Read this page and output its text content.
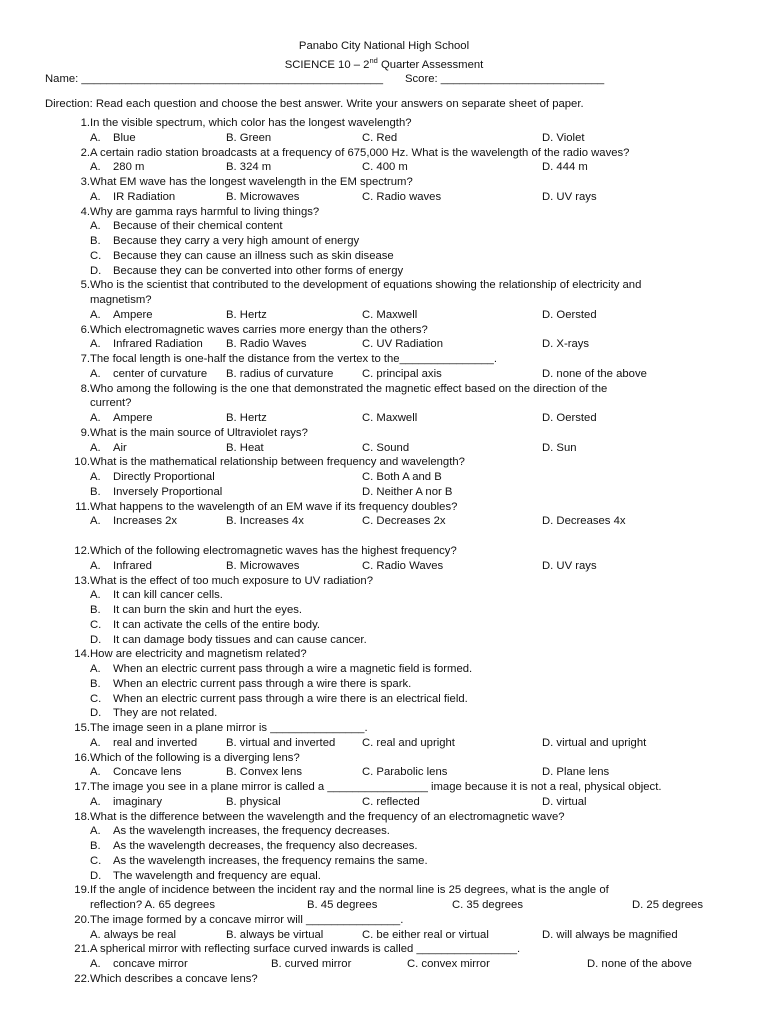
Panabo City National High School
SCIENCE 10 – 2nd Quarter Assessment
Name: ________________________________________________ Score: __________________________
Direction: Read each question and choose the best answer. Write your answers on separate sheet of paper.
1. In the visible spectrum, which color has the longest wavelength?
A. Blue	B. Green	C. Red	D. Violet
2. A certain radio station broadcasts at a frequency of 675,000 Hz. What is the wavelength of the radio waves?
A. 280 m	B. 324 m	C. 400 m	D. 444 m
3. What EM wave has the longest wavelength in the EM spectrum?
A. IR Radiation	B. Microwaves	C. Radio waves	D. UV rays
4. Why are gamma rays harmful to living things?
A.	Because of their chemical content
B.	Because they carry a very high amount of energy
C.	Because they can cause an illness such as skin disease
D.	Because they can be converted into other forms of energy
5. Who is the scientist that contributed to the development of equations showing the relationship of electricity and
magnetism?
A. Ampere	B. Hertz	C. Maxwell	D. Oersted
6. Which electromagnetic waves carries more energy than the others?
A. Infrared Radiation B. Radio Waves	C. UV Radiation	D. X-rays
7. The focal length is one-half the distance from the vertex to the_______________.
A. center of curvature B. radius of curvature	C. principal axis	D. none of the above
8. Who among the following is the one that demonstrated the magnetic effect based on the direction of the
current?
A. Ampere	B. Hertz	C. Maxwell	D. Oersted
9. What is the main source of Ultraviolet rays?
A. Air	B. Heat	C. Sound	D. Sun
10. What is the mathematical relationship between frequency and wavelength?
A. Directly Proportional	C. Both A and B
B. Inversely Proportional	D. Neither A nor B
11. What happens to the wavelength of an EM wave if its frequency doubles?
A. Increases 2x	B. Increases 4x	C. Decreases 2x	D. Decreases 4x
12. Which of the following electromagnetic waves has the highest frequency?
A. Infrared	B. Microwaves	C. Radio Waves	D. UV rays
13. What is the effect of too much exposure to UV radiation?
A.	It can kill cancer cells.
B.	It can burn the skin and hurt the eyes.
C.	It can activate the cells of the entire body.
D.	It can damage body tissues and can cause cancer.
14. How are electricity and magnetism related?
A.	When an electric current pass through a wire a magnetic field is formed.
B.	When an electric current pass through a wire there is spark.
C.	When an electric current pass through a wire there is an electrical field.
D.	They are not related.
15. The image seen in a plane mirror is _______________.
A. real and inverted	B. virtual and inverted C. real and upright	D. virtual and upright
16. Which of the following is a diverging lens?
A. Concave lens	B. Convex lens	C. Parabolic lens	D. Plane lens
17. The image you see in a plane mirror is called a ________________ image because it is not a real, physical object.
A. imaginary	B. physical	C. reflected	D. virtual
18. What is the difference between the wavelength and the frequency of an electromagnetic wave?
A.	As the wavelength increases, the frequency decreases.
B.	As the wavelength decreases, the frequency also decreases.
C.	As the wavelength increases, the frequency remains the same.
D.	The wavelength and frequency are equal.
19. If the angle of incidence between the incident ray and the normal line is 25 degrees, what is the angle of
reflection? A. 65 degrees	B. 45 degrees	C. 35 degrees	D. 25 degrees
20. The image formed by a concave mirror will _______________.
A. always be real	B. always be virtual	C. be either real or virtual	D. will always be magnified
21. A spherical mirror with reflecting surface curved inwards is called ________________.
A. concave mirror	B. curved mirror	C. convex mirror	D. none of the above
22. Which describes a concave lens?
